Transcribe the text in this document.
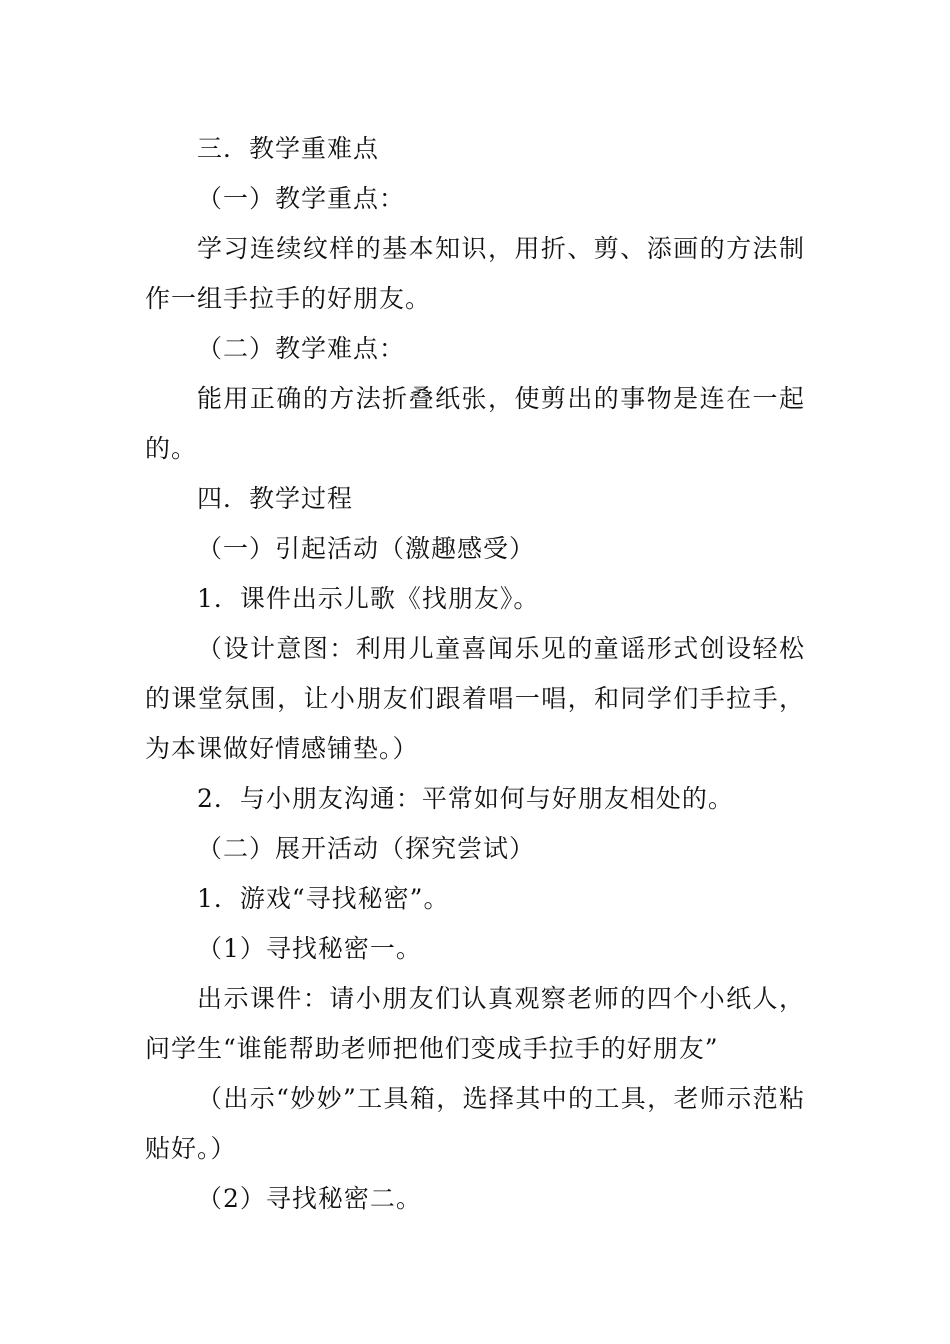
三．教学重难点

（一）教学重点：

学习连续纹样的基本知识，用折、剪、添画的方法制作一组手拉手的好朋友。

（二）教学难点：

能用正确的方法折叠纸张，使剪出的事物是连在一起的。

四．教学过程

（一）引起活动（激趣感受）

1．课件出示儿歌《找朋友》。

（设计意图：利用儿童喜闻乐见的童谣形式创设轻松的课堂氛围，让小朋友们跟着唱一唱，和同学们手拉手，为本课做好情感铺垫。）

2．与小朋友沟通：平常如何与好朋友相处的。

（二）展开活动（探究尝试）

1．游戏“寻找秘密”。

（1）寻找秘密一。

出示课件：请小朋友们认真观察老师的四个小纸人，问学生“谁能帮助老师把他们变成手拉手的好朋友”

（出示“妙妙”工具箱，选择其中的工具，老师示范粘贴好。）

（2）寻找秘密二。
